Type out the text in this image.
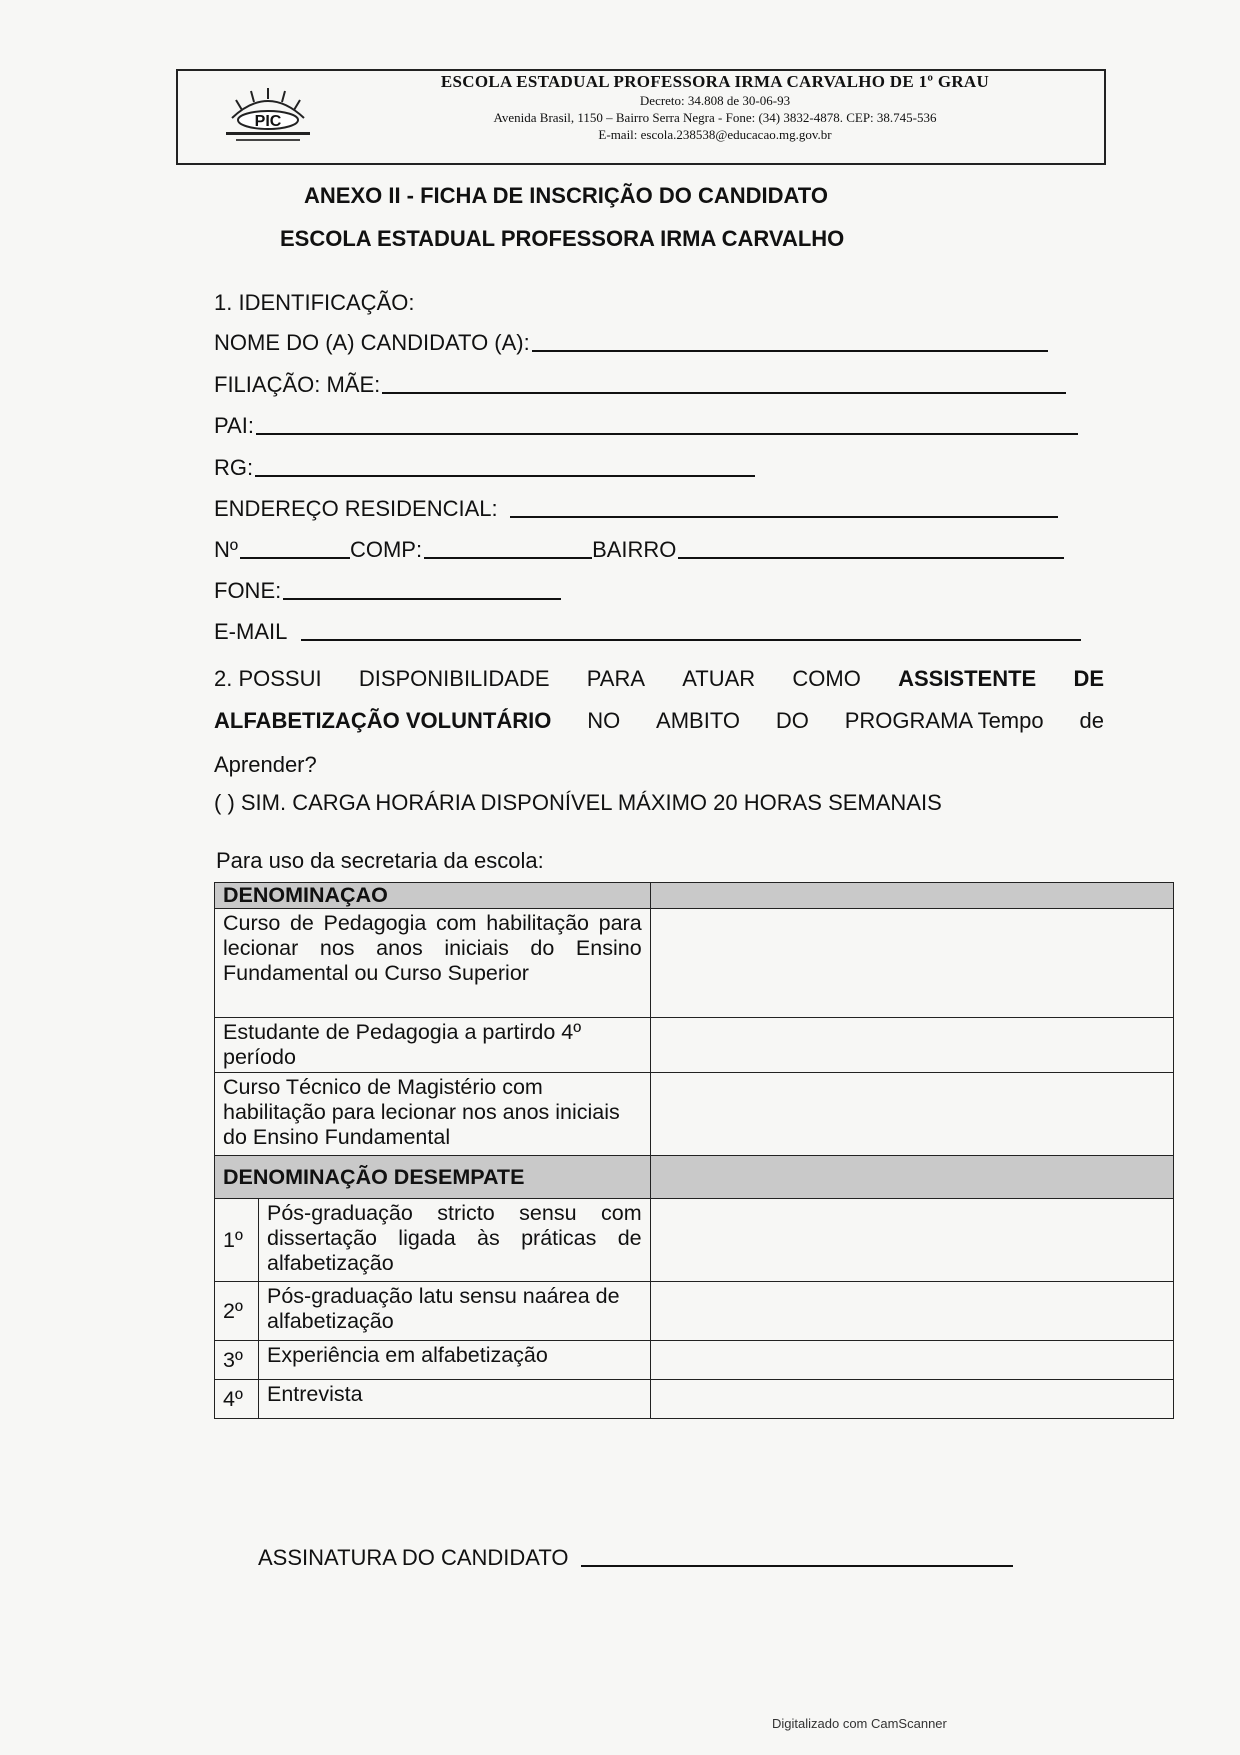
PIC
ESCOLA ESTADUAL PROFESSORA IRMA CARVALHO DE 1º GRAU
Decreto: 34.808 de 30-06-93
Avenida Brasil, 1150 – Bairro Serra Negra - Fone: (34) 3832-4878. CEP: 38.745-536
E-mail: escola.238538@educacao.mg.gov.br
ANEXO II - FICHA DE INSCRIÇÃO DO CANDIDATO
ESCOLA ESTADUAL PROFESSORA IRMA CARVALHO
1. IDENTIFICAÇÃO:
NOME DO (A) CANDIDATO (A):
FILIAÇÃO: MÃE:
PAI:
RG:
ENDEREÇO RESIDENCIAL:
Nº	COMP:	BAIRRO
FONE:
E-MAIL
2. POSSUI DISPONIBILIDADE PARA ATUAR COMO ASSISTENTE DE
ALFABETIZAÇÃO VOLUNTÁRIO NO AMBITO DO PROGRAMA Tempo de
Aprender?
( ) SIM. CARGA HORÁRIA DISPONÍVEL MÁXIMO 20 HORAS SEMANAIS
Para uso da secretaria da escola:
DENOMINAÇAO		
Curso de Pedagogia com habilitação para lecionar nos anos iniciais do Ensino Fundamental ou Curso Superior		
Estudante de Pedagogia a partirdo 4º período		
Curso Técnico de Magistério com habilitação para lecionar nos anos iniciais do Ensino Fundamental		
DENOMINAÇÃO DESEMPATE		
1º	Pós-graduação stricto sensu com dissertação ligada às práticas de alfabetização	
2º	Pós-graduação latu sensu naárea de alfabetização	
3º	Experiência em alfabetização	
4º	Entrevista	
ASSINATURA DO CANDIDATO
Digitalizado com CamScanner
